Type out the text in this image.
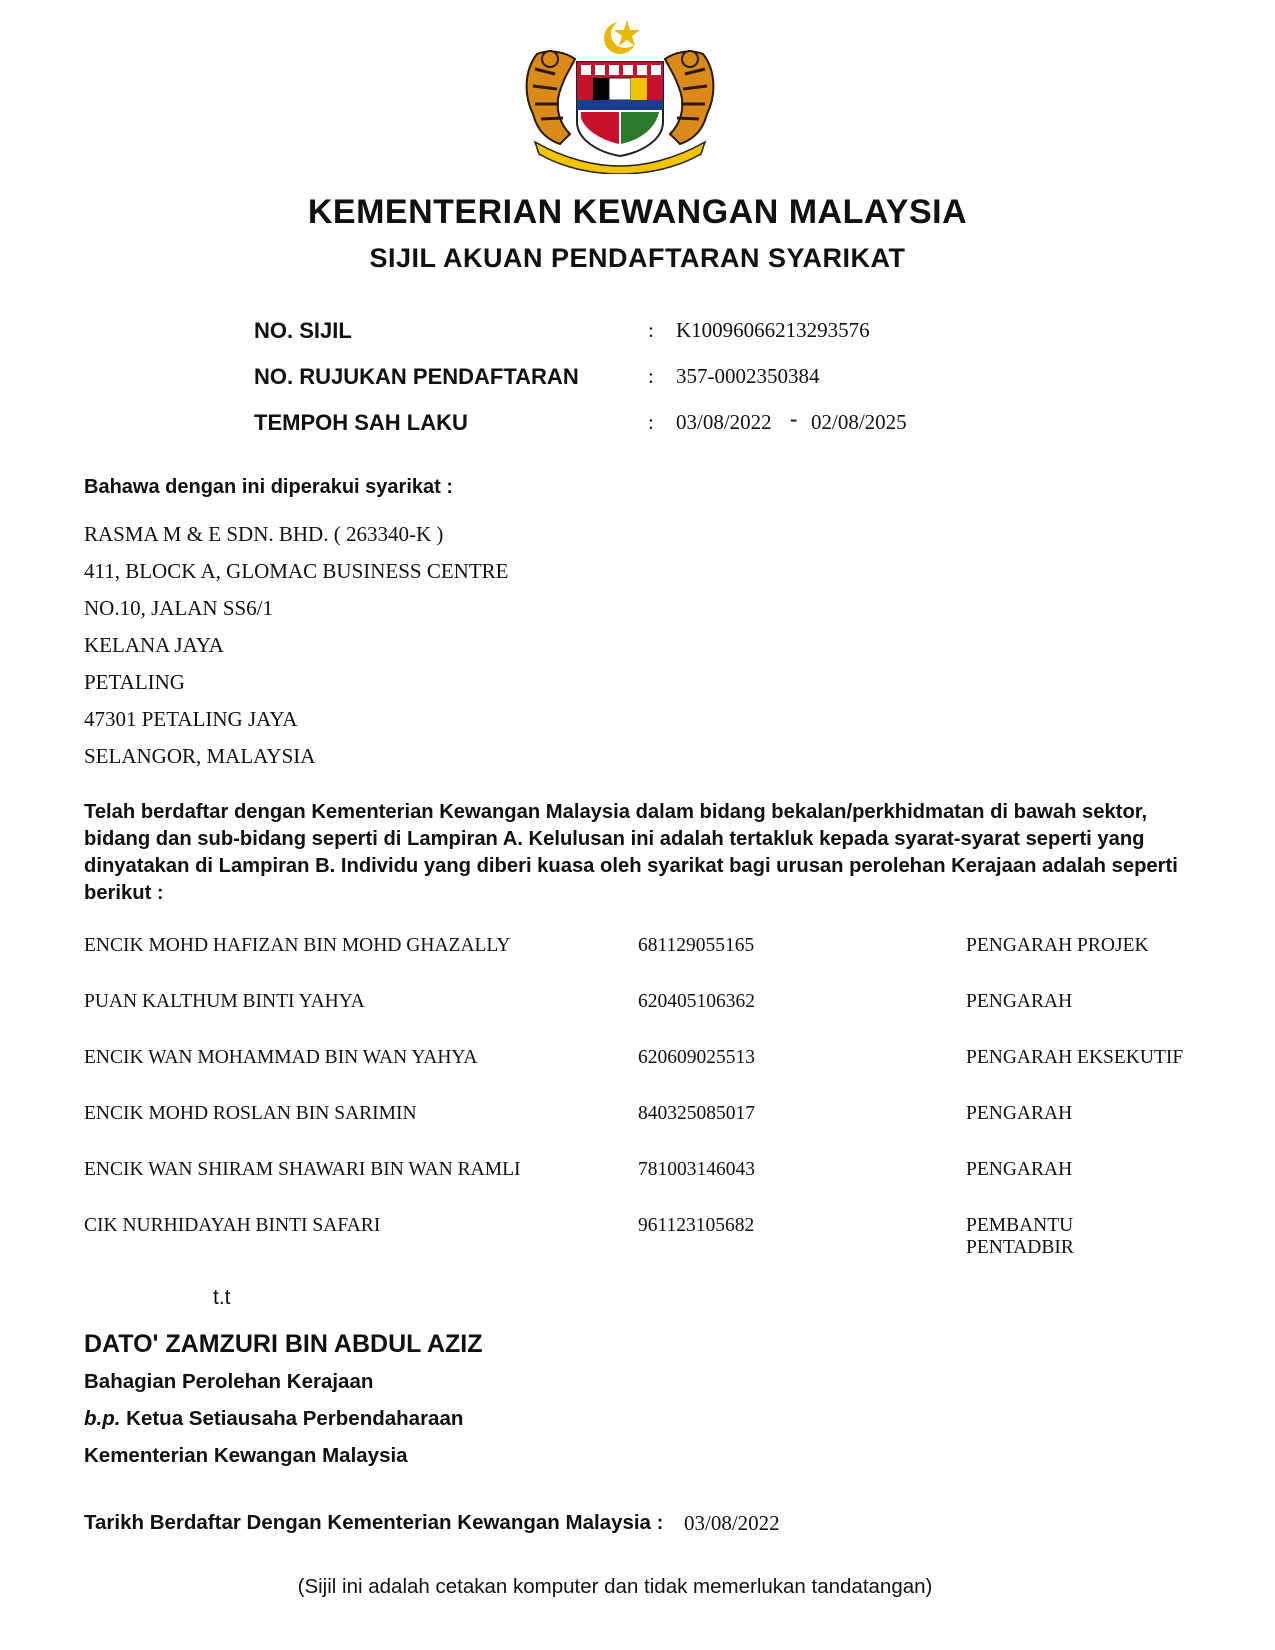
KEMENTERIAN KEWANGAN MALAYSIA
SIJIL AKUAN PENDAFTARAN SYARIKAT
NO. SIJIL	: K10096066213293576
NO. RUJUKAN PENDAFTARAN	: 357-0002350384
TEMPOH SAH LAKU	: 03/08/2022 - 02/08/2025
Bahawa dengan ini diperakui syarikat :
RASMA M & E SDN. BHD. ( 263340-K )
411, BLOCK A, GLOMAC BUSINESS CENTRE
NO.10, JALAN SS6/1
KELANA JAYA
PETALING
47301 PETALING JAYA
SELANGOR, MALAYSIA
Telah berdaftar dengan Kementerian Kewangan Malaysia dalam bidang bekalan/perkhidmatan di bawah sektor, bidang dan sub-bidang seperti di Lampiran A. Kelulusan ini adalah tertakluk kepada syarat-syarat seperti yang dinyatakan di Lampiran B. Individu yang diberi kuasa oleh syarikat bagi urusan perolehan Kerajaan adalah seperti berikut :
ENCIK MOHD HAFIZAN BIN MOHD GHAZALLY	681129055165	PENGARAH PROJEK
PUAN KALTHUM BINTI YAHYA	620405106362	PENGARAH
ENCIK WAN MOHAMMAD BIN WAN YAHYA	620609025513	PENGARAH EKSEKUTIF
ENCIK MOHD ROSLAN BIN SARIMIN	840325085017	PENGARAH
ENCIK WAN SHIRAM SHAWARI BIN WAN RAMLI	781003146043	PENGARAH
CIK NURHIDAYAH BINTI SAFARI	961123105682	PEMBANTU
PENTADBIR
t.t
DATO' ZAMZURI BIN ABDUL AZIZ
Bahagian Perolehan Kerajaan
b.p. Ketua Setiausaha Perbendaharaan
Kementerian Kewangan Malaysia
Tarikh Berdaftar Dengan Kementerian Kewangan Malaysia : 03/08/2022
(Sijil ini adalah cetakan komputer dan tidak memerlukan tandatangan)
